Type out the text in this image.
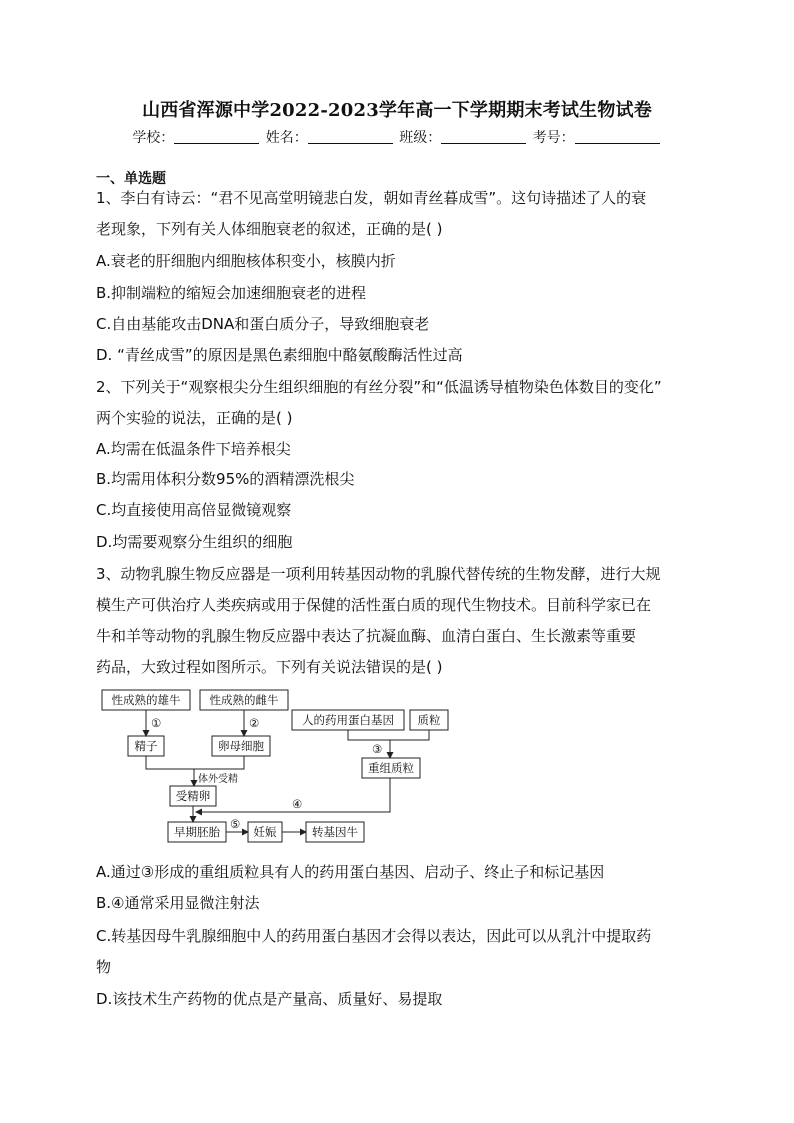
山西省浑源中学2022-2023学年高一下学期期末考试生物试卷
学校：	姓名：	班级：	考号：
一、单选题
1、李白有诗云：“君不见高堂明镜悲白发，朝如青丝暮成雪”。这句诗描述了人的衰
老现象，下列有关人体细胞衰老的叙述，正确的是( )
A.衰老的肝细胞内细胞核体积变小，核膜内折
B.抑制端粒的缩短会加速细胞衰老的进程
C.自由基能攻击DNA和蛋白质分子，导致细胞衰老
D. “青丝成雪”的原因是黑色素细胞中酪氨酸酶活性过高
2、下列关于“观察根尖分生组织细胞的有丝分裂”和“低温诱导植物染色体数目的变化”
两个实验的说法，正确的是( )
A.均需在低温条件下培养根尖
B.均需用体积分数95%的酒精漂洗根尖
C.均直接使用高倍显微镜观察
D.均需要观察分生组织的细胞
3、动物乳腺生物反应器是一项利用转基因动物的乳腺代替传统的生物发酵，进行大规
模生产可供治疗人类疾病或用于保健的活性蛋白质的现代生物技术。目前科学家已在
牛和羊等动物的乳腺生物反应器中表达了抗凝血酶、血清白蛋白、生长激素等重要
药品，大致过程如图所示。下列有关说法错误的是( )
性成熟的雄牛	性成熟的雌牛
①	②
精子	卵母细胞
人的药用蛋白基因 质粒
③
重组质粒
体外受精
受精卵
④
早期胚胎
⑤
妊娠	转基因牛
A.通过③形成的重组质粒具有人的药用蛋白基因、启动子、终止子和标记基因
B.④通常采用显微注射法
C.转基因母牛乳腺细胞中人的药用蛋白基因才会得以表达，因此可以从乳汁中提取药
物
D.该技术生产药物的优点是产量高、质量好、易提取
